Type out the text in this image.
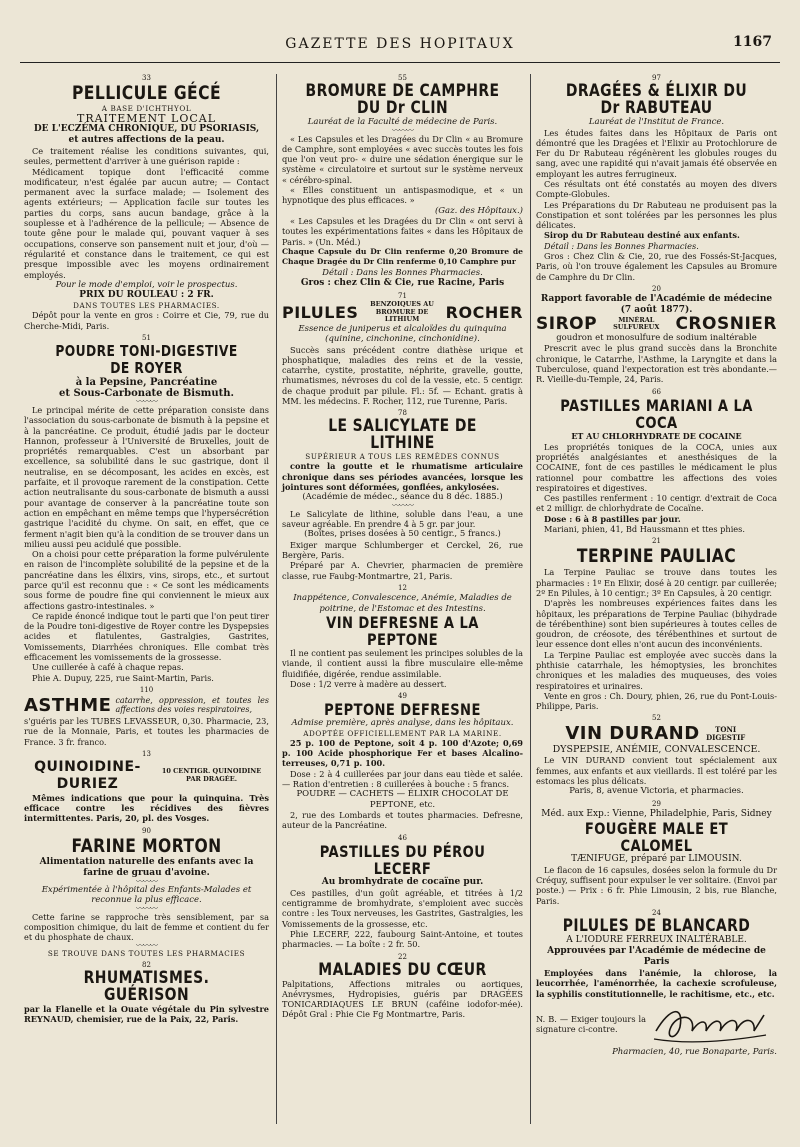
GAZETTE DES HOPITAUX	1167
33
PELLICULE GÉCÉ
A BASE D'ICHTHYOL
TRAITEMENT LOCAL
DE L'ECZÉMA CHRONIQUE, DU PSORIASIS,
et autres affections de la peau.

Ce traitement réalise les conditions suivantes, qui, seules, permettent d'arriver à une guérison rapide :

Médicament topique dont l'efficacité comme modificateur, n'est égalée par aucun autre; — Contact permanent avec la surface malade; — Isolement des agents extérieurs; — Application facile sur toutes les parties du corps, sans aucun bandage, grâce à la souplesse et à l'adhérence de la pellicule; — Absence de toute gêne pour le malade qui, pouvant vaquer à ses occupations, conserve son pansement nuit et jour, d'où — régularité et constance dans le traitement, ce qui est presque impossible avec les moyens ordinairement employés.

Pour le mode d'emploi, voir le prospectus.
PRIX DU ROULEAU : 2 FR.
DANS TOUTES LES PHARMACIES.

Dépôt pour la vente en gros : Coirre et Cie, 79, rue du Cherche-Midi, Paris.

51
POUDRE TONI-DIGESTIVE DE ROYER
à la Pepsine, Pancréatine
et Sous-Carbonate de Bismuth.
〰〰〰

Le principal mérite de cette préparation consiste dans l'association du sous-carbonate de bismuth à la pepsine et à la pancréatine. Ce produit, étudié jadis par le docteur Hannon, professeur à l'Université de Bruxelles, jouit de propriétés remarquables. C'est un absorbant par excellence, sa solubilité dans le suc gastrique, dont il neutralise, en se décomposant, les acides en excès, est parfaite, et il provoque rarement de la constipation. Cette action neutralisante du sous-carbonate de bismuth a aussi pour avantage de conserver à la pancréatine toute son action en empêchant en même temps que l'hypersécrétion gastrique l'acidité du chyme. On sait, en effet, que ce ferment n'agit bien qu'à la condition de se trouver dans un milieu aussi peu acidulé que possible.

On a choisi pour cette préparation la forme pulvérulente en raison de l'incomplète solubilité de la pepsine et de la pancréatine dans les élixirs, vins, sirops, etc., et surtout parce qu'il est reconnu que : « Ce sont les médicaments sous forme de poudre fine qui conviennent le mieux aux affections gastro-intestinales. »

Ce rapide énoncé indique tout le parti que l'on peut tirer de la Poudre toni-digestive de Royer contre les Dyspepsies acides et flatulentes, Gastralgies, Gastrites, Vomissements, Diarrhées chroniques. Elle combat très efficacement les vomissements de la grossesse.

Une cuillerée à café à chaque repas.

Phie A. Dupuy, 225, rue Saint-Martin, Paris.

110
ASTHME catarrhe, oppression, et toutes les affections des voies respiratoires,

s'guéris par les TUBES LEVASSEUR, 0,30. Pharmacie, 23, rue de la Monnaie, Paris, et toutes les pharmacies de France. 3 fr. franco.

13
QUINOIDINE-DURIEZ
10 CENTIGR. QUINOIDINE PAR DRAGÉE.

Mêmes indications que pour la quinquina. Très efficace contre les récidives des fièvres intermittentes. Paris, 20, pl. des Vosges.

90
FARINE MORTON
Alimentation naturelle des enfants avec la farine de gruau d'avoine.
〰〰〰
Expérimentée à l'hôpital des Enfants-Malades et reconnue la plus efficace.
〰〰〰

Cette farine se rapproche très sensiblement, par sa composition chimique, du lait de femme et contient du fer et du phosphate de chaux.

〰〰〰
SE TROUVE DANS TOUTES LES PHARMACIES
82
RHUMATISMES. GUÉRISON

par la Flanelle et la Ouate végétale du Pin sylvestre REYNAUD, chemisier, rue de la Paix, 22, Paris.

55
BROMURE DE CAMPHRE DU Dr CLIN
Lauréat de la Faculté de médecine de Paris.
〰〰〰

« Les Capsules et les Dragées du Dr Clin « au Bromure de Camphre, sont employées « avec succès toutes les fois que l'on veut pro- « duire une sédation énergique sur le système « circulatoire et surtout sur le système nerveux « cérébro-spinal.

« Elles constituent un antispasmodique, et « un hypnotique des plus efficaces. »

(Gaz. des Hôpitaux.)

« Les Capsules et les Dragées du Dr Clin « ont servi à toutes les expérimentations faites « dans les Hôpitaux de Paris. » (Un. Méd.)

Chaque Capsule du Dr Clin renferme 0,20 Bromure de Chaque Dragée du Dr Clin renferme 0,10 Camphre pur

Détail : Dans les Bonnes Pharmacies.
Gros : chez Clin & Cie, rue Racine, Paris
71
PILULES	BENZOIQUES AU BROMURE DE LITHIUM	ROCHER
Essence de juniperus et alcaloïdes du quinquina (quinine, cinchonine, cinchonidine).

Succès sans précédent contre diathèse urique et phosphatique, maladies des reins et de la vessie, catarrhe, cystite, prostatite, néphrite, gravelle, goutte, rhumatismes, névroses du col de la vessie, etc. 5 centigr. de chaque produit par pilule. Fl.: 5f. — Echant. gratis à MM. les médecins. F. Rocher, 112, rue Turenne, Paris.

78
LE SALICYLATE DE LITHINE
SUPÉRIEUR A TOUS LES REMÈDES CONNUS

contre la goutte et le rhumatisme articulaire chronique dans ses périodes avancées, lorsque les jointures sont déformées, gonflées, ankylosées.

(Académie de médec., séance du 8 déc. 1885.)
〰〰〰

Le Salicylate de lithine, soluble dans l'eau, a une saveur agréable. En prendre 4 à 5 gr. par jour.

(Boîtes, prises dosées à 50 centigr., 5 francs.)

Exiger marque Schlumberger et Cerckel, 26, rue Bergère, Paris.

Préparé par A. Chevrier, pharmacien de première classe, rue Faubg-Montmartre, 21, Paris.

12
Inappétence, Convalescence, Anémie, Maladies de poitrine, de l'Estomac et des Intestins.
VIN DEFRESNE A LA PEPTONE

Il ne contient pas seulement les principes solubles de la viande, il contient aussi la fibre musculaire elle-même fluidifiée, digérée, rendue assimilable.

Dose : 1/2 verre à madère au dessert.

49
PEPTONE DEFRESNE
Admise première, après analyse, dans les hôpitaux.
ADOPTÉE OFFICIELLEMENT PAR LA MARINE.

25 p. 100 de Peptone, soit 4 p. 100 d'Azote; 0,69 p. 100 Acide phosphorique Fer et bases Alcalino-terreuses, 0,71 p. 100.

Dose : 2 à 4 cuillerées par jour dans eau tiède et salée. — Ration d'entretien : 8 cuillerées à bouche : 5 francs.

POUDRE — CACHETS — ÉLIXIR CHOCOLAT DE PEPTONE, etc.

2, rue des Lombards et toutes pharmacies. Defresne, auteur de la Pancréatine.

46
PASTILLES DU PÉROU LECERF
Au bromhydrate de cocaïne pur.

Ces pastilles, d'un goût agréable, et titrées à 1/2 centigramme de bromhydrate, s'emploient avec succès contre : les Toux nerveuses, les Gastrites, Gastralgies, les Vomissements de la grossesse, etc.

Phie LECERF, 222, faubourg Saint-Antoine, et toutes pharmacies. — La boîte : 2 fr. 50.

22
MALADIES DU CŒUR

Palpitations, Affections mitrales ou aortiques, Anévrysmes, Hydropisies, guéris par DRAGÉES TONICARDIAQUES LE BRUN (caféine iodofor-mée). Dépôt Gral : Phie Cie Fg Montmartre, Paris.

97
DRAGÉES & ÉLIXIR DU Dr RABUTEAU
Lauréat de l'Institut de France.

Les études faites dans les Hôpitaux de Paris ont démontré que les Dragées et l'Elixir au Protochlorure de Fer du Dr Rabuteau régénèrent les globules rouges du sang, avec une rapidité qui n'avait jamais été observée en employant les autres ferrugineux.

Ces résultats ont été constatés au moyen des divers Compte-Globules.

Les Préparations du Dr Rabuteau ne produisent pas la Constipation et sont tolérées par les personnes les plus délicates.

Sirop du Dr Rabuteau destiné aux enfants.

Détail : Dans les Bonnes Pharmacies.

Gros : Chez Clin & Cie, 20, rue des Fossés-St-Jacques, Paris, où l'on trouve également les Capsules au Bromure de Camphre du Dr Clin.

20
Rapport favorable de l'Académie de médecine (7 août 1877).
SIROP	MINÉRAL SULFUREUX CROSNIER
goudron et monosulfure de sodium inaltérable

Prescrit avec le plus grand succès dans la Bronchite chronique, le Catarrhe, l'Asthme, la Laryngite et dans la Tuberculose, quand l'expectoration est très abondante.— R. Vieille-du-Temple, 24, Paris.

66
PASTILLES MARIANI A LA COCA
ET AU CHLORHYDRATE DE COCAINE

Les propriétés toniques de la COCA, unies aux propriétés analgésiantes et anesthésiques de la COCAINE, font de ces pastilles le médicament le plus rationnel pour combattre les affections des voies respiratoires et digestives.

Ces pastilles renferment : 10 centigr. d'extrait de Coca et 2 milligr. de chlorhydrate de Cocaïne.

Dose : 6 à 8 pastilles par jour.

Mariani, phien, 41, Bd Haussmann et ttes phies.

21
TERPINE PAULIAC

La Terpine Pauliac se trouve dans toutes les pharmacies : 1º En Elixir, dosé à 20 centigr. par cuillerée; 2º En Pilules, à 10 centigr.; 3º En Capsules, à 20 centigr.

D'après les nombreuses expériences faites dans les hôpitaux, les préparations de Terpine Pauliac (bihydrade de térébenthine) sont bien supérieures à toutes celles de goudron, de créosote, des térébenthines et surtout de leur essence dont elles n'ont aucun des inconvénients.

La Terpine Pauliac est employée avec succès dans la phthisie catarrhale, les hémoptysies, les bronchites chroniques et les maladies des muqueuses, des voies respiratoires et urinaires.

Vente en gros : Ch. Doury, phien, 26, rue du Pont-Louis-Philippe, Paris.

52
VIN DURAND	TONI DIGESTIF
DYSPEPSIE, ANÉMIE, CONVALESCENCE.

Le VIN DURAND convient tout spécialement aux femmes, aux enfants et aux vieillards. Il est toléré par les estomacs les plus délicats.

Paris, 8, avenue Victoria, et pharmacies.
29
Méd. aux Exp.: Vienne, Philadelphie, Paris, Sidney
FOUGÈRE MALE ET CALOMEL
TÆNIFUGE, préparé par LIMOUSIN.

Le flacon de 16 capsules, dosées selon la formule du Dr Créquy, suffisent pour expulser le ver solitaire. (Envoi par poste.) — Prix : 6 fr. Phie Limousin, 2 bis, rue Blanche, Paris.

24
PILULES DE BLANCARD
A L'IODURE FERREUX INALTÉRABLE.
Approuvées par l'Académie de médecine de Paris

Employées dans l'anémie, la chlorose, la leucorrhée, l'aménorrhée, la cachexie scrofuleuse, la syphilis constitutionnelle, le rachitisme, etc., etc.

N. B. — Exiger toujours la signature ci-contre.
Pharmacien, 40, rue Bonaparte, Paris.
